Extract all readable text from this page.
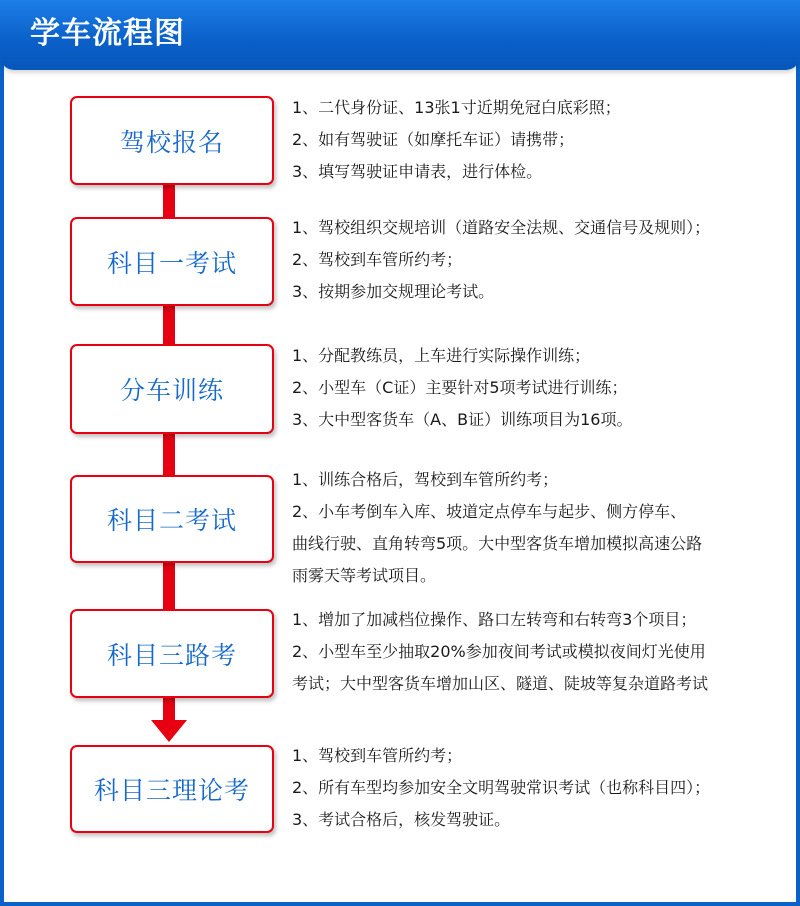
学车流程图
驾校报名
1、二代身份证、13张1寸近期免冠白底彩照；
2、如有驾驶证（如摩托车证）请携带；
3、填写驾驶证申请表，进行体检。
科目一考试
1、驾校组织交规培训（道路安全法规、交通信号及规则）；
2、驾校到车管所约考；
3、按期参加交规理论考试。
分车训练
1、分配教练员，上车进行实际操作训练；
2、小型车（C证）主要针对5项考试进行训练；
3、大中型客货车（A、B证）训练项目为16项。
科目二考试
1、训练合格后，驾校到车管所约考；
2、小车考倒车入库、坡道定点停车与起步、侧方停车、
曲线行驶、直角转弯5项。大中型客货车增加模拟高速公路
雨雾天等考试项目。
科目三路考
1、增加了加减档位操作、路口左转弯和右转弯3个项目；
2、小型车至少抽取20%参加夜间考试或模拟夜间灯光使用
考试；大中型客货车增加山区、隧道、陡坡等复杂道路考试
科目三理论考
1、驾校到车管所约考；
2、所有车型均参加安全文明驾驶常识考试（也称科目四）；
3、考试合格后，核发驾驶证。
